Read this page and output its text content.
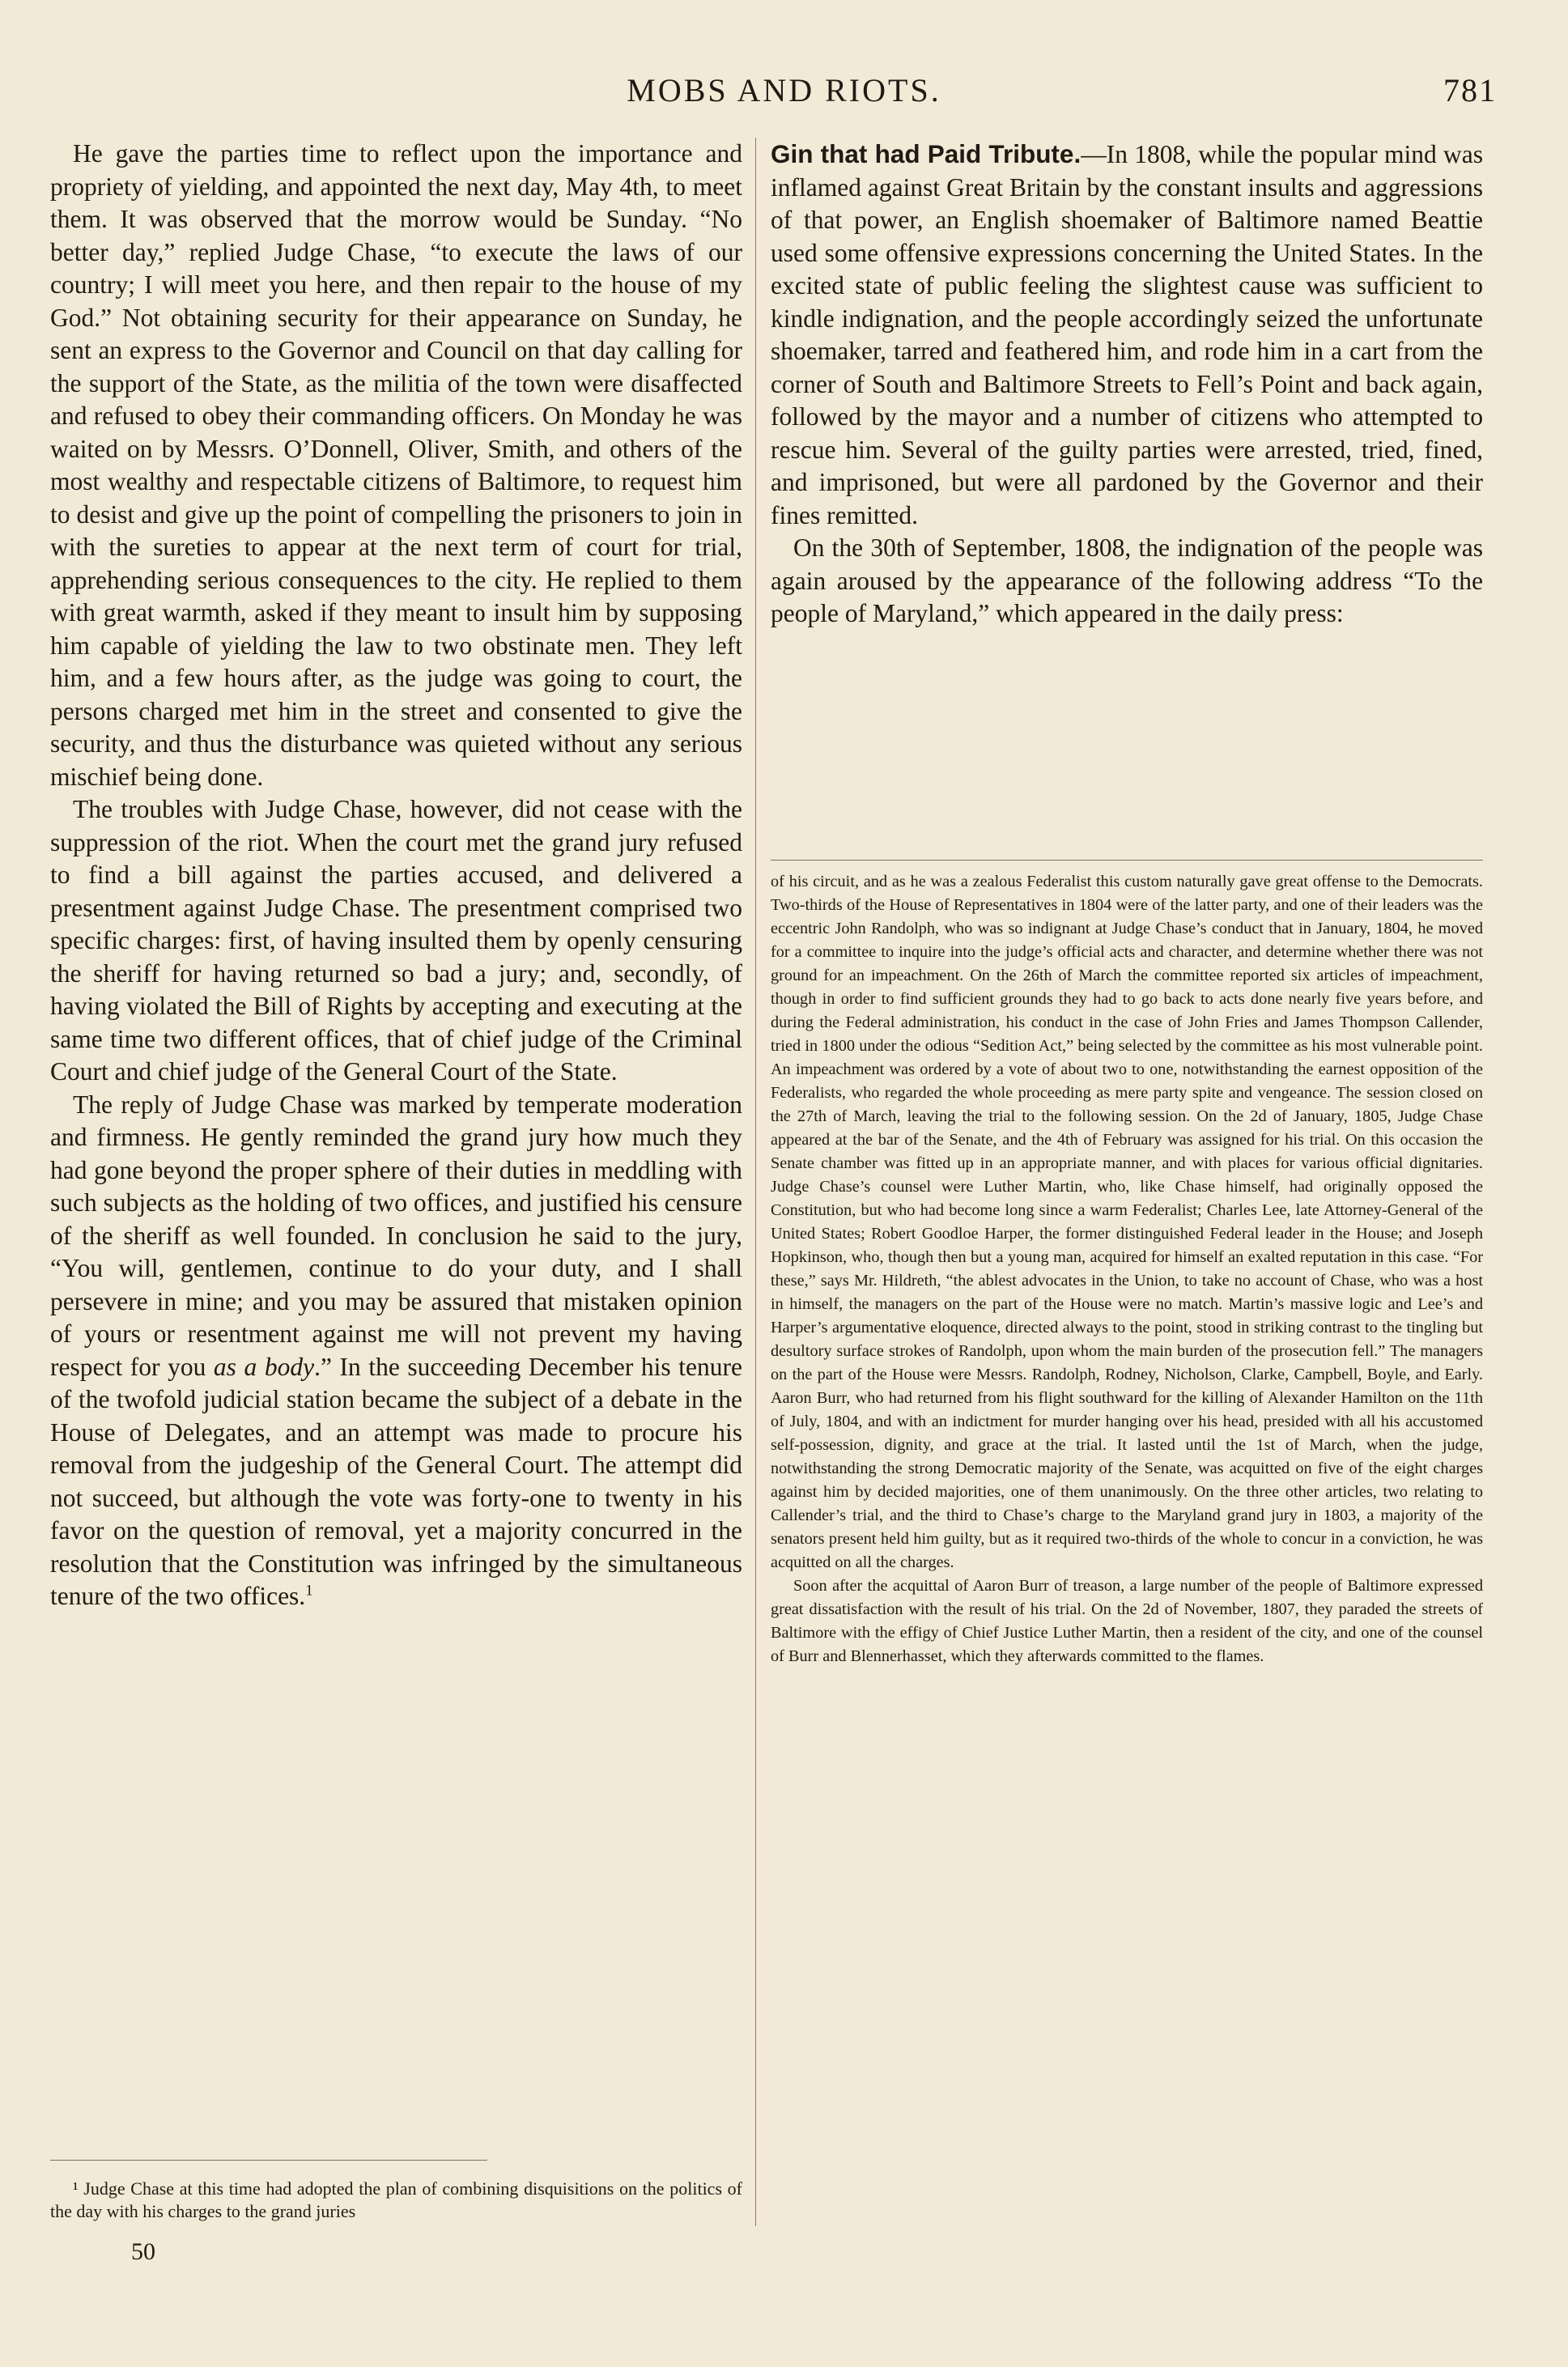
MOBS AND RIOTS.	781

He gave the parties time to reflect upon the importance and propriety of yielding, and appointed the next day, May 4th, to meet them. It was observed that the morrow would be Sunday. “No better day,” replied Judge Chase, “to execute the laws of our country; I will meet you here, and then repair to the house of my God.” Not obtaining security for their appearance on Sunday, he sent an express to the Governor and Council on that day calling for the support of the State, as the militia of the town were disaffected and refused to obey their commanding officers. On Monday he was waited on by Messrs. O’Donnell, Oliver, Smith, and others of the most wealthy and respectable citizens of Baltimore, to request him to desist and give up the point of compelling the prisoners to join in with the sureties to appear at the next term of court for trial, apprehending serious consequences to the city. He replied to them with great warmth, asked if they meant to insult him by supposing him capable of yielding the law to two obstinate men. They left him, and a few hours after, as the judge was going to court, the persons charged met him in the street and consented to give the security, and thus the disturbance was quieted without any serious mischief being done.

The troubles with Judge Chase, however, did not cease with the suppression of the riot. When the court met the grand jury refused to find a bill against the parties accused, and delivered a presentment against Judge Chase. The presentment comprised two specific charges: first, of having insulted them by openly censuring the sheriff for having returned so bad a jury; and, secondly, of having violated the Bill of Rights by accepting and executing at the same time two different offices, that of chief judge of the Criminal Court and chief judge of the General Court of the State.

The reply of Judge Chase was marked by temperate moderation and firmness. He gently reminded the grand jury how much they had gone beyond the proper sphere of their duties in meddling with such subjects as the holding of two offices, and justified his censure of the sheriff as well founded. In conclusion he said to the jury, “You will, gentlemen, continue to do your duty, and I shall persevere in mine; and you may be assured that mistaken opinion of yours or resentment against me will not prevent my having respect for you as a body.” In the succeeding December his tenure of the twofold judicial station became the subject of a debate in the House of Delegates, and an attempt was made to procure his removal from the judgeship of the General Court. The attempt did not succeed, but although the vote was forty-one to twenty in his favor on the question of removal, yet a majority concurred in the resolution that the Constitution was infringed by the simultaneous tenure of the two offices.$^1$

¹ Judge Chase at this time had adopted the plan of combining disquisitions on the politics of the day with his charges to the grand juries

50

Gin that had Paid Tribute.—In 1808, while the popular mind was inflamed against Great Britain by the constant insults and aggressions of that power, an English shoemaker of Baltimore named Beattie used some offensive expressions concerning the United States. In the excited state of public feeling the slightest cause was sufficient to kindle indignation, and the people accordingly seized the unfortunate shoemaker, tarred and feathered him, and rode him in a cart from the corner of South and Baltimore Streets to Fell’s Point and back again, followed by the mayor and a number of citizens who attempted to rescue him. Several of the guilty parties were arrested, tried, fined, and imprisoned, but were all pardoned by the Governor and their fines remitted.

On the 30th of September, 1808, the indignation of the people was again aroused by the appearance of the following address “To the people of Maryland,” which appeared in the daily press:

of his circuit, and as he was a zealous Federalist this custom naturally gave great offense to the Democrats. Two-thirds of the House of Representatives in 1804 were of the latter party, and one of their leaders was the eccentric John Randolph, who was so indignant at Judge Chase’s conduct that in January, 1804, he moved for a committee to inquire into the judge’s official acts and character, and determine whether there was not ground for an impeachment. On the 26th of March the committee reported six articles of impeachment, though in order to find sufficient grounds they had to go back to acts done nearly five years before, and during the Federal administration, his conduct in the case of John Fries and James Thompson Callender, tried in 1800 under the odious “Sedition Act,” being selected by the committee as his most vulnerable point. An impeachment was ordered by a vote of about two to one, notwithstanding the earnest opposition of the Federalists, who regarded the whole proceeding as mere party spite and vengeance. The session closed on the 27th of March, leaving the trial to the following session. On the 2d of January, 1805, Judge Chase appeared at the bar of the Senate, and the 4th of February was assigned for his trial. On this occasion the Senate chamber was fitted up in an appropriate manner, and with places for various official dignitaries. Judge Chase’s counsel were Luther Martin, who, like Chase himself, had originally opposed the Constitution, but who had become long since a warm Federalist; Charles Lee, late Attorney-General of the United States; Robert Goodloe Harper, the former distinguished Federal leader in the House; and Joseph Hopkinson, who, though then but a young man, acquired for himself an exalted reputation in this case. “For these,” says Mr. Hildreth, “the ablest advocates in the Union, to take no account of Chase, who was a host in himself, the managers on the part of the House were no match. Martin’s massive logic and Lee’s and Harper’s argumentative eloquence, directed always to the point, stood in striking contrast to the tingling but desultory surface strokes of Randolph, upon whom the main burden of the prosecution fell.” The managers on the part of the House were Messrs. Randolph, Rodney, Nicholson, Clarke, Campbell, Boyle, and Early. Aaron Burr, who had returned from his flight southward for the killing of Alexander Hamilton on the 11th of July, 1804, and with an indictment for murder hanging over his head, presided with all his accustomed self-possession, dignity, and grace at the trial. It lasted until the 1st of March, when the judge, notwithstanding the strong Democratic majority of the Senate, was acquitted on five of the eight charges against him by decided majorities, one of them unanimously. On the three other articles, two relating to Callender’s trial, and the third to Chase’s charge to the Maryland grand jury in 1803, a majority of the senators present held him guilty, but as it required two-thirds of the whole to concur in a conviction, he was acquitted on all the charges.

Soon after the acquittal of Aaron Burr of treason, a large number of the people of Baltimore expressed great dissatisfaction with the result of his trial. On the 2d of November, 1807, they paraded the streets of Baltimore with the effigy of Chief Justice Luther Martin, then a resident of the city, and one of the counsel of Burr and Blennerhasset, which they afterwards committed to the flames.
